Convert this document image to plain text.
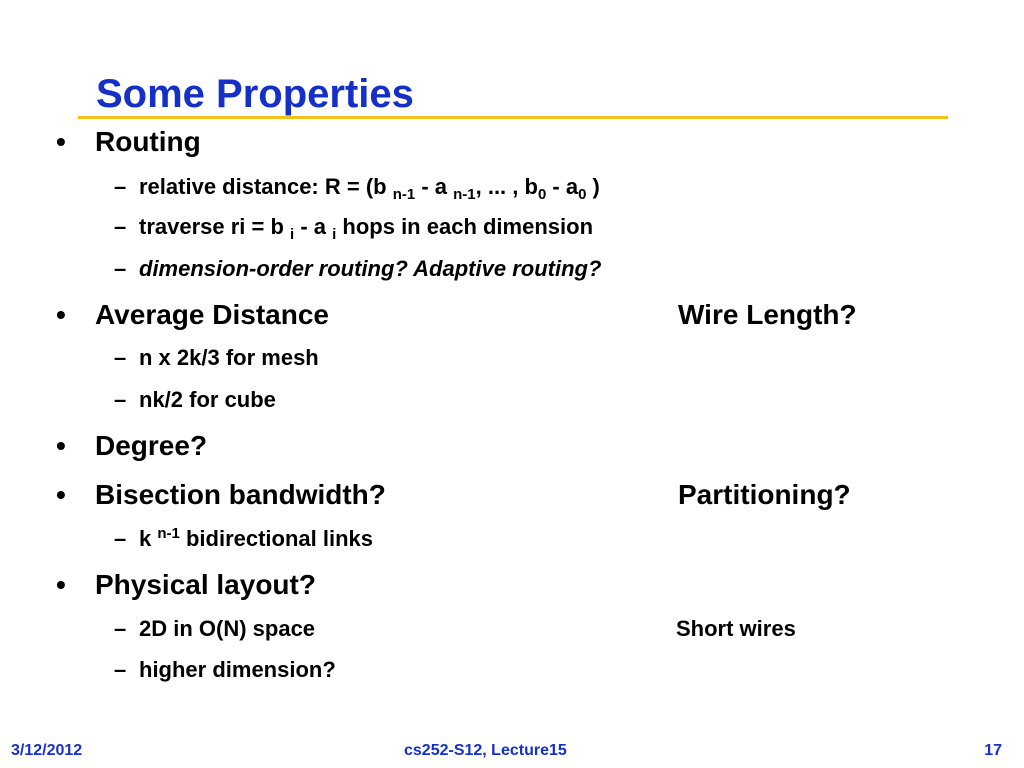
Some Properties
• Routing
– relative distance: R = (b $_{n-1}$ - a $_{n-1}$, ... , $b_0 - a_0$ )
– traverse ri = b $_i$ - a $_i$ hops in each dimension
– dimension-order routing? Adaptive routing?
• Average Distance	Wire Length?
– n x 2k/3 for mesh
– nk/2 for cube
• Degree?
• Bisection bandwidth?	Partitioning?
– k $^{n-1}$ bidirectional links
• Physical layout?
– 2D in O(N) space	Short wires
– higher dimension?
3/12/2012	cs252-S12, Lecture15	17
